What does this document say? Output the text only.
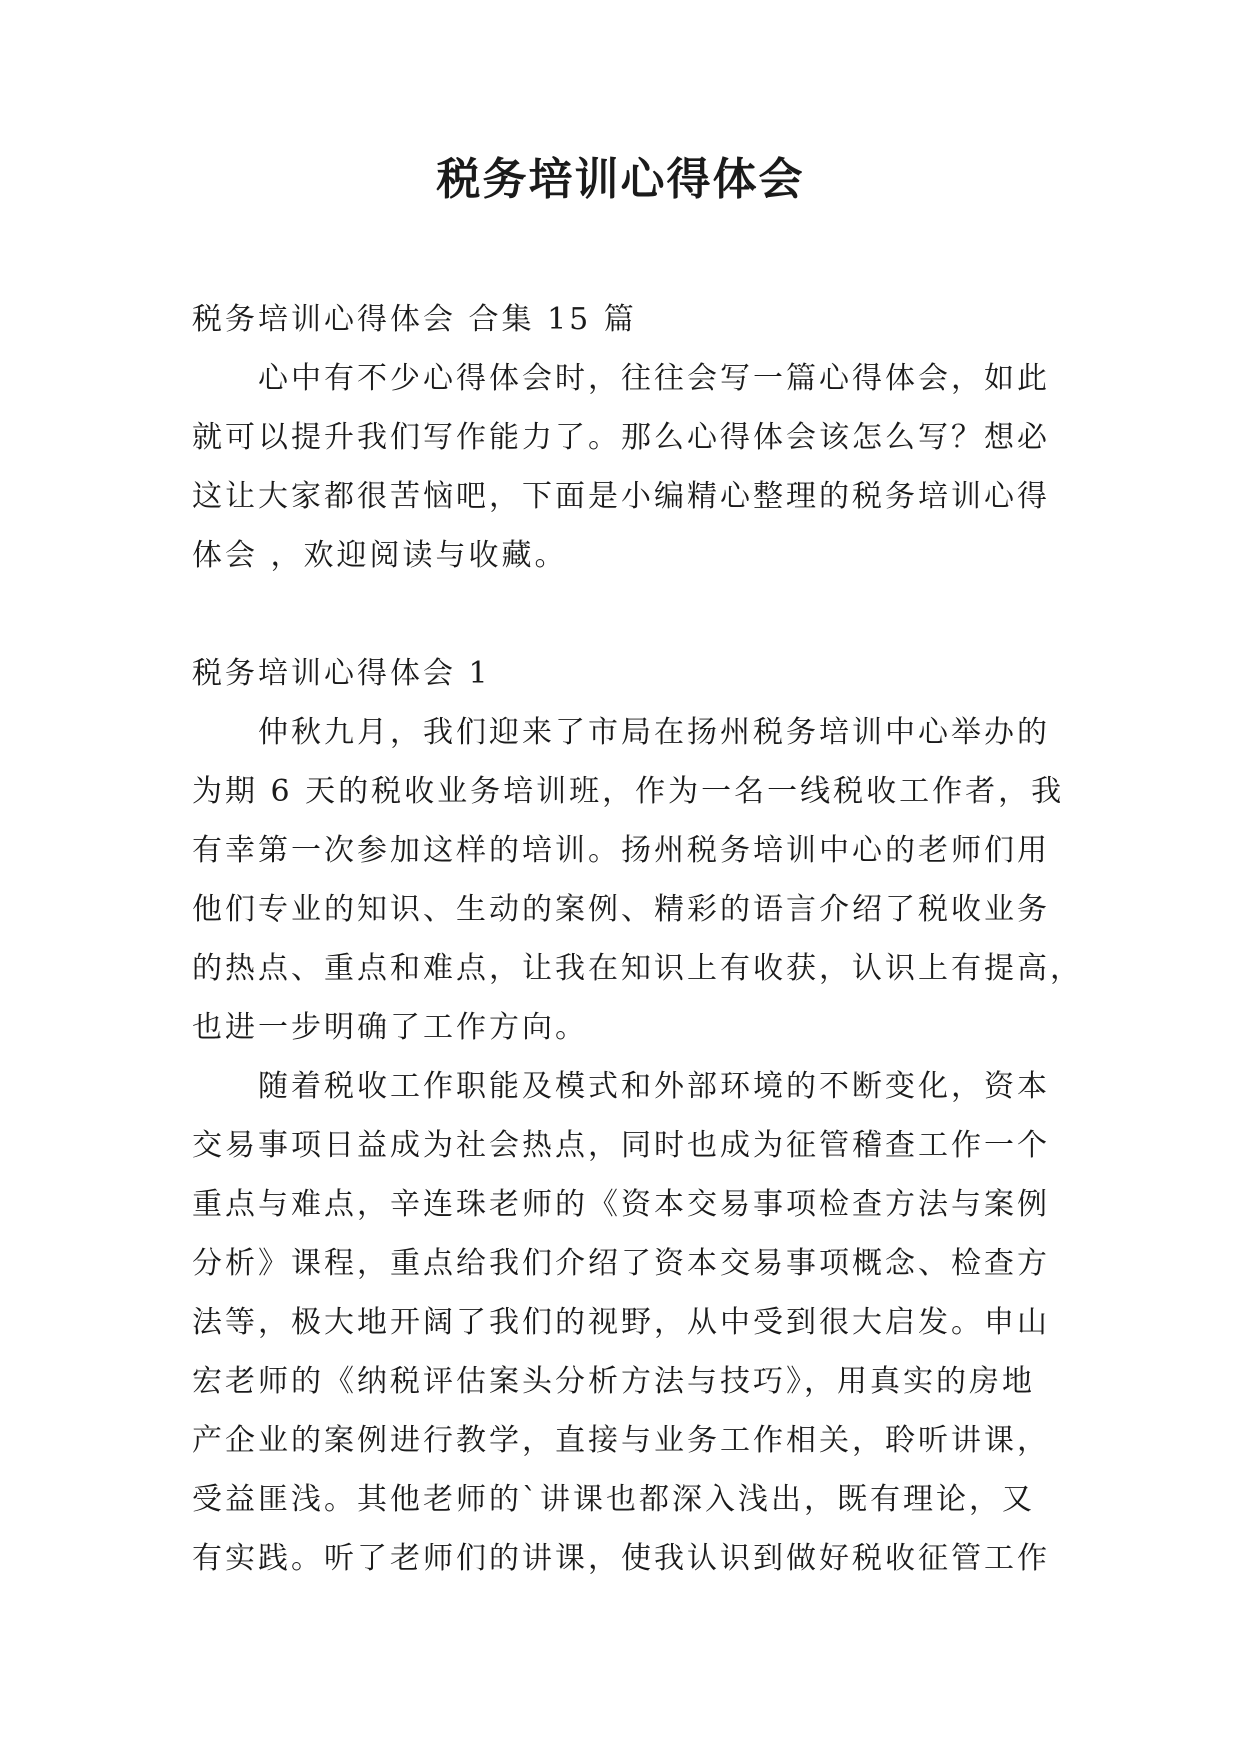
税务培训心得体会
税务培训心得体会 合集 15 篇
心中有不少心得体会时，往往会写一篇心得体会，如此
就可以提升我们写作能力了。那么心得体会该怎么写？想必
这让大家都很苦恼吧，下面是小编精心整理的税务培训心得
体会 ，欢迎阅读与收藏。
税务培训心得体会 1
仲秋九月，我们迎来了市局在扬州税务培训中心举办的
为期 6 天的税收业务培训班，作为一名一线税收工作者，我
有幸第一次参加这样的培训。扬州税务培训中心的老师们用
他们专业的知识、生动的案例、精彩的语言介绍了税收业务
的热点、重点和难点，让我在知识上有收获，认识上有提高，
也进一步明确了工作方向。
随着税收工作职能及模式和外部环境的不断变化，资本
交易事项日益成为社会热点，同时也成为征管稽查工作一个
重点与难点，辛连珠老师的《资本交易事项检查方法与案例
分析》课程，重点给我们介绍了资本交易事项概念、检查方
法等，极大地开阔了我们的视野，从中受到很大启发。申山
宏老师的《纳税评估案头分析方法与技巧》，用真实的房地
产企业的案例进行教学，直接与业务工作相关，聆听讲课，
受益匪浅。其他老师的`讲课也都深入浅出，既有理论，又
有实践。听了老师们的讲课，使我认识到做好税收征管工作
